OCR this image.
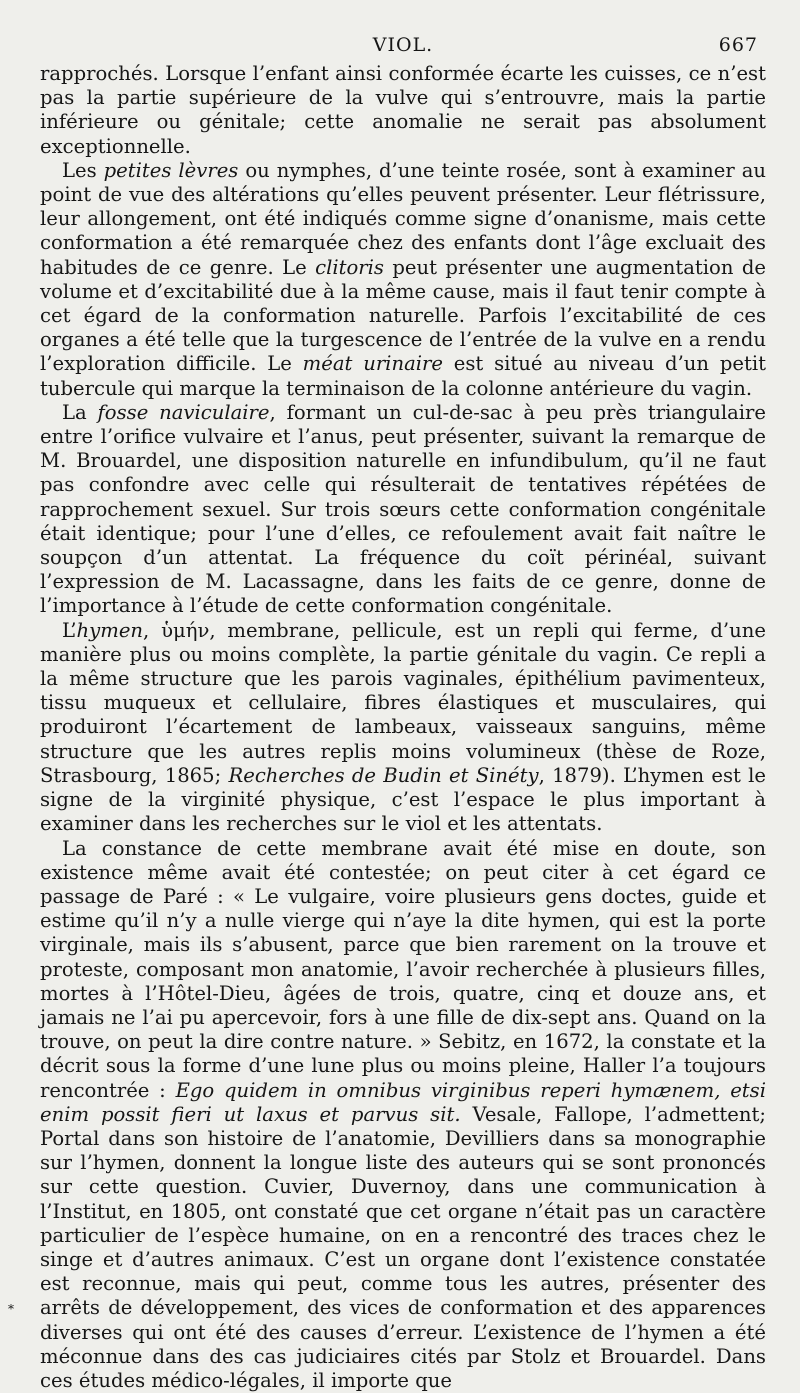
VIOL.	667

rapprochés. Lorsque l’enfant ainsi conformée écarte les cuisses, ce n’est pas la partie supérieure de la vulve qui s’entrouvre, mais la partie inférieure ou génitale; cette anomalie ne serait pas absolument exceptionnelle.

Les petites lèvres ou nymphes, d’une teinte rosée, sont à examiner au point de vue des altérations qu’elles peuvent présenter. Leur flétrissure, leur allongement, ont été indiqués comme signe d’onanisme, mais cette conformation a été remarquée chez des enfants dont l’âge excluait des habitudes de ce genre. Le clitoris peut présenter une augmentation de volume et d’excitabilité due à la même cause, mais il faut tenir compte à cet égard de la conformation naturelle. Parfois l’excitabilité de ces organes a été telle que la turgescence de l’entrée de la vulve en a rendu l’exploration difficile. Le méat urinaire est situé au niveau d’un petit tubercule qui marque la terminaison de la colonne antérieure du vagin.

La fosse naviculaire, formant un cul-de-sac à peu près triangulaire entre l’orifice vulvaire et l’anus, peut présenter, suivant la remarque de M. Brouardel, une disposition naturelle en infundibulum, qu’il ne faut pas confondre avec celle qui résulterait de tentatives répétées de rapprochement sexuel. Sur trois sœurs cette conformation congénitale était identique; pour l’une d’elles, ce refoulement avait fait naître le soupçon d’un attentat. La fréquence du coït périnéal, suivant l’expression de M. Lacassagne, dans les faits de ce genre, donne de l’importance à l’étude de cette conformation congénitale.

L’hymen, ὑμήν, membrane, pellicule, est un repli qui ferme, d’une manière plus ou moins complète, la partie génitale du vagin. Ce repli a la même structure que les parois vaginales, épithélium pavimenteux, tissu muqueux et cellulaire, fibres élastiques et musculaires, qui produiront l’écartement de lambeaux, vaisseaux sanguins, même structure que les autres replis moins volumineux (thèse de Roze, Strasbourg, 1865; Recherches de Budin et Sinéty, 1879). L’hymen est le signe de la virginité physique, c’est l’espace le plus important à examiner dans les recherches sur le viol et les attentats.

La constance de cette membrane avait été mise en doute, son existence même avait été contestée; on peut citer à cet égard ce passage de Paré : « Le vulgaire, voire plusieurs gens doctes, guide et estime qu’il n’y a nulle vierge qui n’aye la dite hymen, qui est la porte virginale, mais ils s’abusent, parce que bien rarement on la trouve et proteste, composant mon anatomie, l’avoir recherchée à plusieurs filles, mortes à l’Hôtel-Dieu, âgées de trois, quatre, cinq et douze ans, et jamais ne l’ai pu apercevoir, fors à une fille de dix-sept ans. Quand on la trouve, on peut la dire contre nature. » Sebitz, en 1672, la constate et la décrit sous la forme d’une lune plus ou moins pleine, Haller l’a toujours rencontrée : Ego quidem in omnibus virginibus reperi hymænem, etsi enim possit fieri ut laxus et parvus sit. Vesale, Fallope, l’admettent; Portal dans son histoire de l’anatomie, Devilliers dans sa monographie sur l’hymen, donnent la longue liste des auteurs qui se sont prononcés sur cette question. Cuvier, Duvernoy, dans une communication à l’Institut, en 1805, ont constaté que cet organe n’était pas un caractère particulier de l’espèce humaine, on en a rencontré des traces chez le singe et d’autres animaux. C’est un organe dont l’existence constatée est reconnue, mais qui peut, comme tous les autres, présenter des arrêts de développement, des vices de conformation et des apparences diverses qui ont été des causes d’erreur. L’existence de l’hymen a été méconnue dans des cas judiciaires cités par Stolz et Brouardel. Dans ces études médico-légales, il importe que

*
